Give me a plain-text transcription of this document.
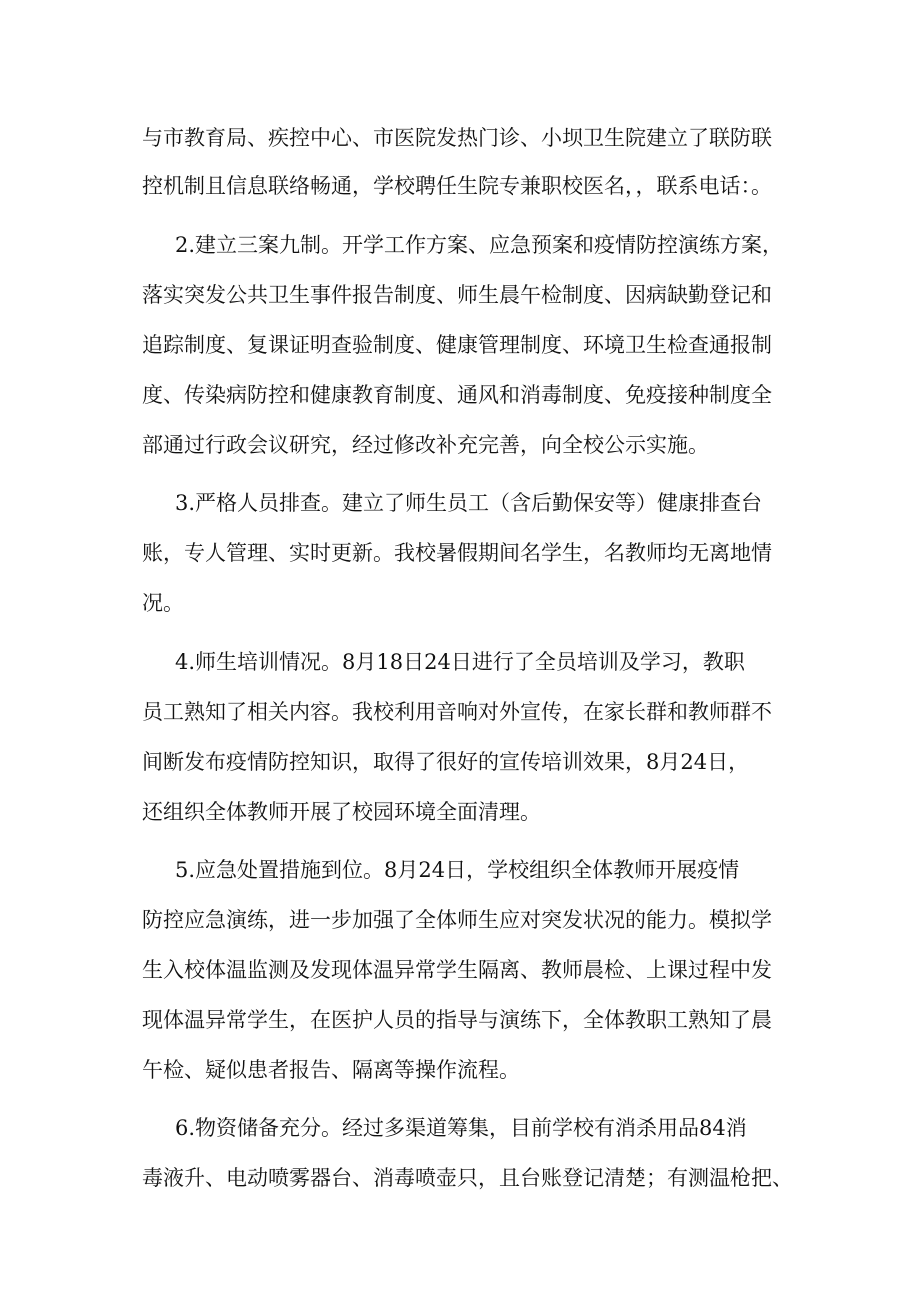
与市教育局、疾控中心、市医院发热门诊、小坝卫生院建立了联防联

控机制且信息联络畅通，学校聘任生院专兼职校医名，，联系电话：。

2.建立三案九制。开学工作方案、应急预案和疫情防控演练方案，

落实突发公共卫生事件报告制度、师生晨午检制度、因病缺勤登记和

追踪制度、复课证明查验制度、健康管理制度、环境卫生检查通报制

度、传染病防控和健康教育制度、通风和消毒制度、免疫接种制度全

部通过行政会议研究，经过修改补充完善，向全校公示实施。

3.严格人员排查。建立了师生员工（含后勤保安等）健康排查台

账，专人管理、实时更新。我校暑假期间名学生，名教师均无离地情

况。

4.师生培训情况。8月18日24日进行了全员培训及学习，教职

员工熟知了相关内容。我校利用音响对外宣传，在家长群和教师群不

间断发布疫情防控知识，取得了很好的宣传培训效果，8月24日，

还组织全体教师开展了校园环境全面清理。

5.应急处置措施到位。8月24日，学校组织全体教师开展疫情

防控应急演练，进一步加强了全体师生应对突发状况的能力。模拟学

生入校体温监测及发现体温异常学生隔离、教师晨检、上课过程中发

现体温异常学生，在医护人员的指导与演练下，全体教职工熟知了晨

午检、疑似患者报告、隔离等操作流程。

6.物资储备充分。经过多渠道筹集，目前学校有消杀用品84消

毒液升、电动喷雾器台、消毒喷壶只，且台账登记清楚；有测温枪把、
